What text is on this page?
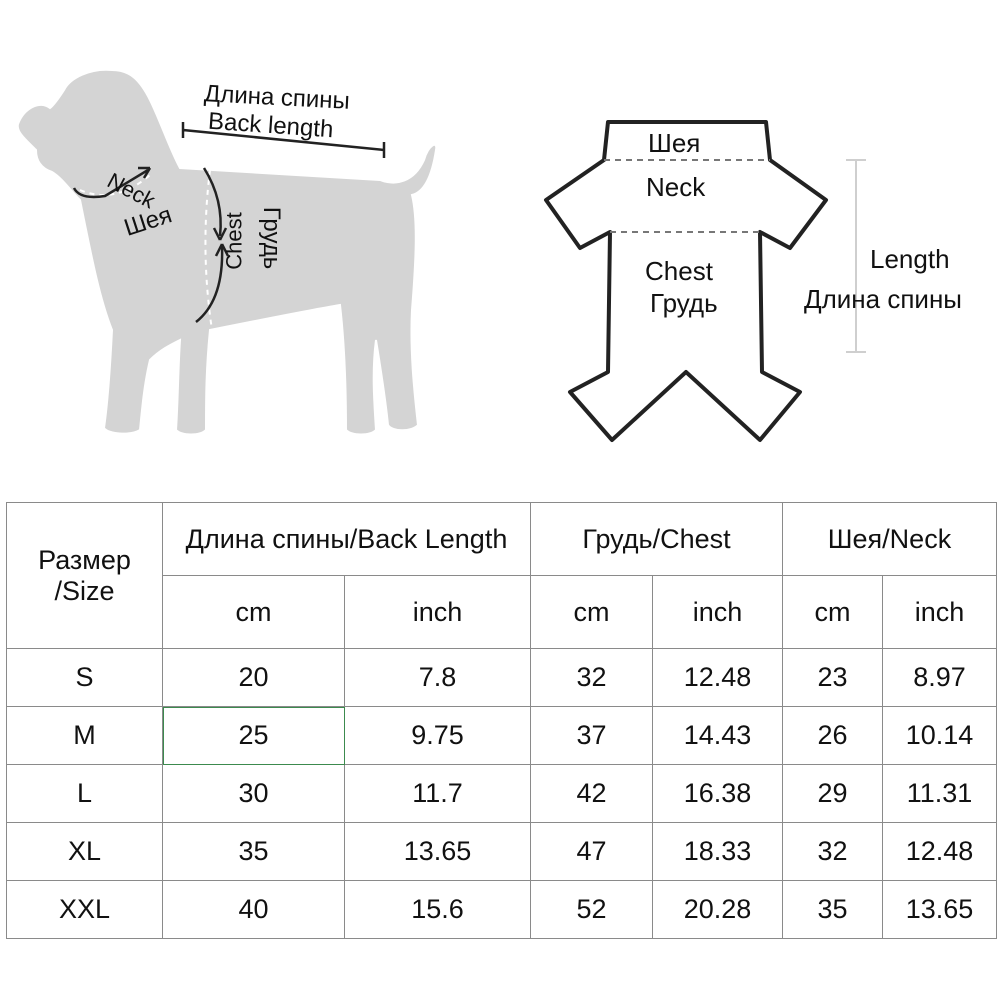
Длина спины
Back length
Neck
Шея Chest Грудь
Шея
Neck
Chest
Грудь
Length
Длина спины
Размер
/Size	Длина спины/Back Length		Грудь/Chest		Шея/Neck	
	cm	inch	cm	inch	cm	inch
S	20	7.8	32	12.48	23	8.97
M	25	9.75	37	14.43	26	10.14
L	30	11.7	42	16.38	29	11.31
XL	35	13.65	47	18.33	32	12.48
XXL	40	15.6	52	20.28	35	13.65
